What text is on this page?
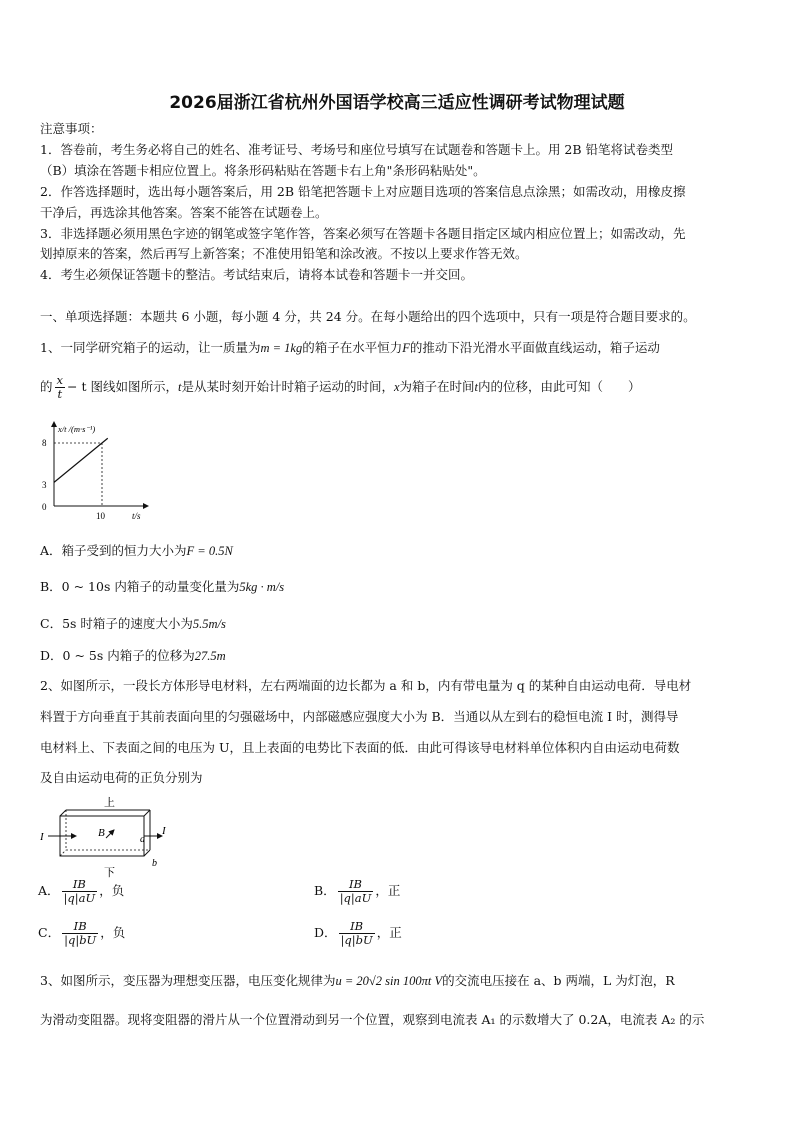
2026届浙江省杭州外国语学校高三适应性调研考试物理试题
注意事项：
1．答卷前，考生务必将自己的姓名、准考证号、考场号和座位号填写在试题卷和答题卡上。用 2B 铅笔将试卷类型
（B）填涂在答题卡相应位置上。将条形码粘贴在答题卡右上角"条形码粘贴处"。
2．作答选择题时，选出每小题答案后，用 2B 铅笔把答题卡上对应题目选项的答案信息点涂黑；如需改动，用橡皮擦
干净后，再选涂其他答案。答案不能答在试题卷上。
3．非选择题必须用黑色字迹的钢笔或签字笔作答，答案必须写在答题卡各题目指定区域内相应位置上；如需改动，先
划掉原来的答案，然后再写上新答案；不准使用铅笔和涂改液。不按以上要求作答无效。
4．考生必须保证答题卡的整洁。考试结束后，请将本试卷和答题卡一并交回。
一、单项选择题：本题共 6 小题，每小题 4 分，共 24 分。在每小题给出的四个选项中，只有一项是符合题目要求的。
1、一同学研究箱子的运动，让一质量为m = 1kg的箱子在水平恒力F的推动下沿光滑水平面做直线运动，箱子运动
的 $\frac{x}{t} - t$ 图线如图所示，t是从某时刻开始计时箱子运动的时间，x为箱子在时间t内的位移，由此可知（　　）
x/t /(m·s⁻¹)
t/s
8
3
0
10
A．箱子受到的恒力大小为F = 0.5N
B．0 ~ 10s 内箱子的动量变化量为5kg · m/s
C．5s 时箱子的速度大小为5.5m/s
D．0 ~ 5s 内箱子的位移为27.5m
2、如图所示，一段长方体形导电材料，左右两端面的边长都为 a 和 b，内有带电量为 q 的某种自由运动电荷．导电材
料置于方向垂直于其前表面向里的匀强磁场中，内部磁感应强度大小为 B．当通以从左到右的稳恒电流 I 时，测得导
电材料上、下表面之间的电压为 U，且上表面的电势比下表面的低．由此可得该导电材料单位体积内自由运动电荷数
及自由运动电荷的正负分别为
上
I	I
B
a
b
下
A． $\frac{IB}{|q|aU}$ ，负	B． $\frac{IB}{|q|aU}$ ，正
C． $\frac{IB}{|q|bU}$ ，负	D． $\frac{IB}{|q|bU}$ ，正
3、如图所示，变压器为理想变压器，电压变化规律为u = 20√2 sin 100πt V的交流电压接在 a、b 两端，L 为灯泡，R
为滑动变阻器。现将变阻器的滑片从一个位置滑动到另一个位置，观察到电流表 A₁ 的示数增大了 0.2A，电流表 A₂ 的示
